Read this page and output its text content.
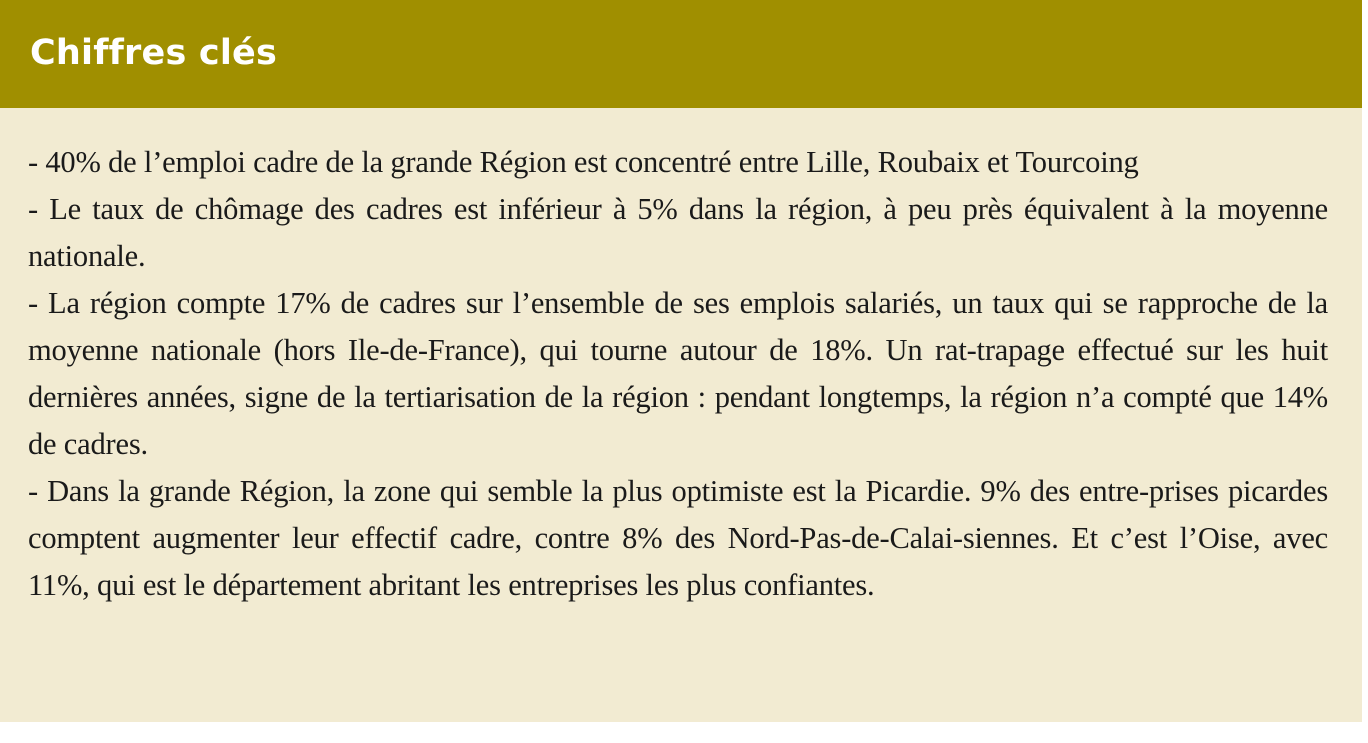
Chiffres clés

- 40% de l’emploi cadre de la grande Région est concentré entre Lille, Roubaix et Tourcoing

- Le taux de chômage des cadres est inférieur à 5% dans la région, à peu près équivalent à la moyenne nationale.

- La région compte 17% de cadres sur l’ensemble de ses emplois salariés, un taux qui se rapproche de la moyenne nationale (hors Ile-de-France), qui tourne autour de 18%. Un rat-trapage effectué sur les huit dernières années, signe de la tertiarisation de la région : pendant longtemps, la région n’a compté que 14% de cadres.

- Dans la grande Région, la zone qui semble la plus optimiste est la Picardie. 9% des entre-prises picardes comptent augmenter leur effectif cadre, contre 8% des Nord-Pas-de-Calai-siennes. Et c’est l’Oise, avec 11%, qui est le département abritant les entreprises les plus confiantes.
